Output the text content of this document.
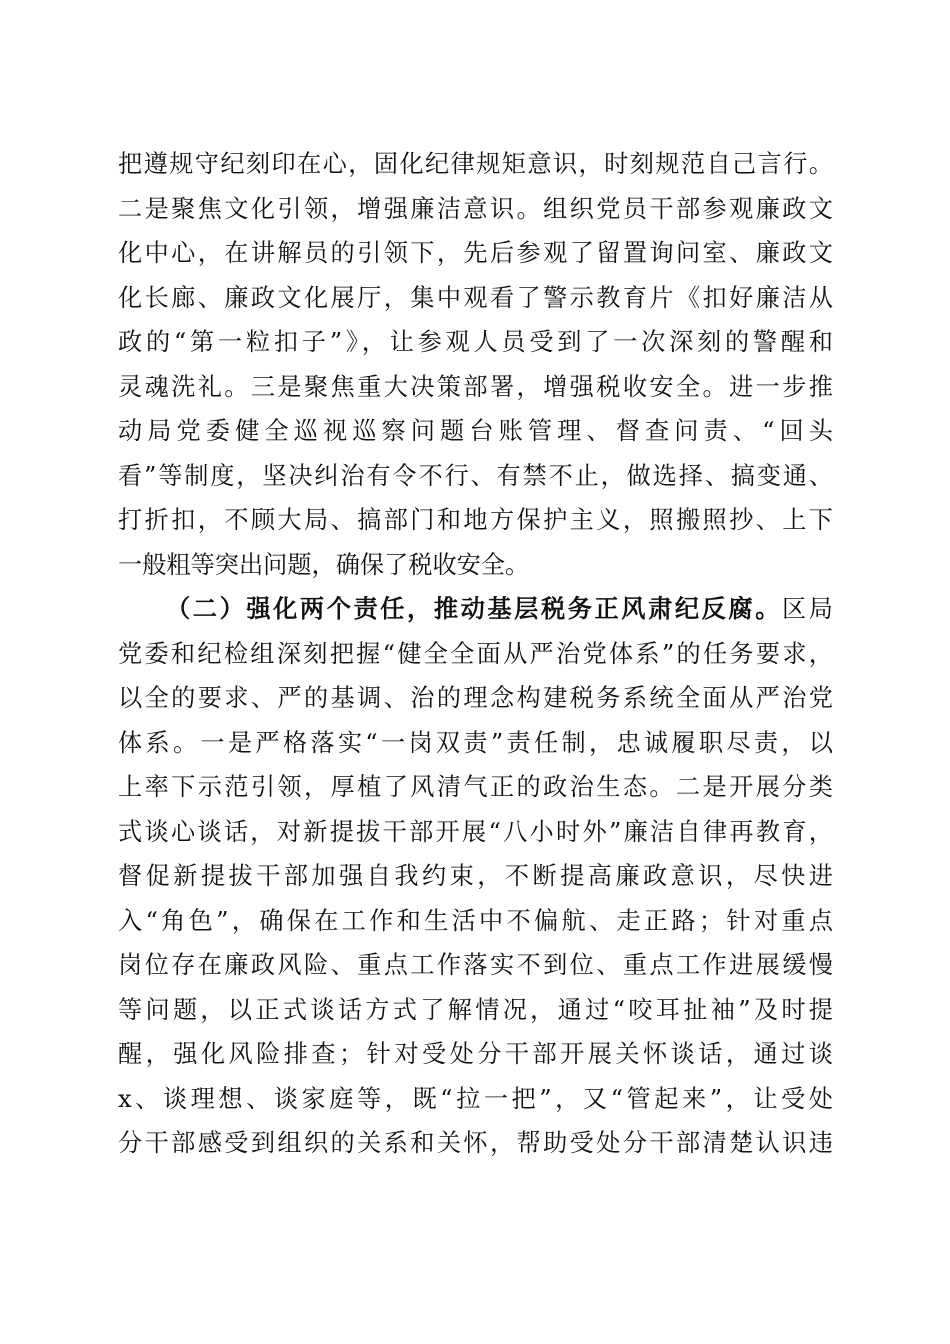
把遵规守纪刻印在心，固化纪律规矩意识，时刻规范自己言行。
二是聚焦文化引领，增强廉洁意识。组织党员干部参观廉政文
化中心，在讲解员的引领下，先后参观了留置询问室、廉政文
化长廊、廉政文化展厅，集中观看了警示教育片《扣好廉洁从
政的“第一粒扣子”》，让参观人员受到了一次深刻的警醒和
灵魂洗礼。三是聚焦重大决策部署，增强税收安全。进一步推
动局党委健全巡视巡察问题台账管理、督查问责、“回头
看”等制度，坚决纠治有令不行、有禁不止，做选择、搞变通、
打折扣，不顾大局、搞部门和地方保护主义，照搬照抄、上下
一般粗等突出问题，确保了税收安全。
（二）强化两个责任，推动基层税务正风肃纪反腐。区局
党委和纪检组深刻把握“健全全面从严治党体系”的任务要求，
以全的要求、严的基调、治的理念构建税务系统全面从严治党
体系。一是严格落实“一岗双责”责任制，忠诚履职尽责，以
上率下示范引领，厚植了风清气正的政治生态。二是开展分类
式谈心谈话，对新提拔干部开展“八小时外”廉洁自律再教育，
督促新提拔干部加强自我约束，不断提高廉政意识，尽快进
入“角色”，确保在工作和生活中不偏航、走正路；针对重点
岗位存在廉政风险、重点工作落实不到位、重点工作进展缓慢
等问题，以正式谈话方式了解情况，通过“咬耳扯袖”及时提
醒，强化风险排查；针对受处分干部开展关怀谈话，通过谈
x、谈理想、谈家庭等，既“拉一把”，又“管起来”，让受处
分干部感受到组织的关系和关怀，帮助受处分干部清楚认识违
